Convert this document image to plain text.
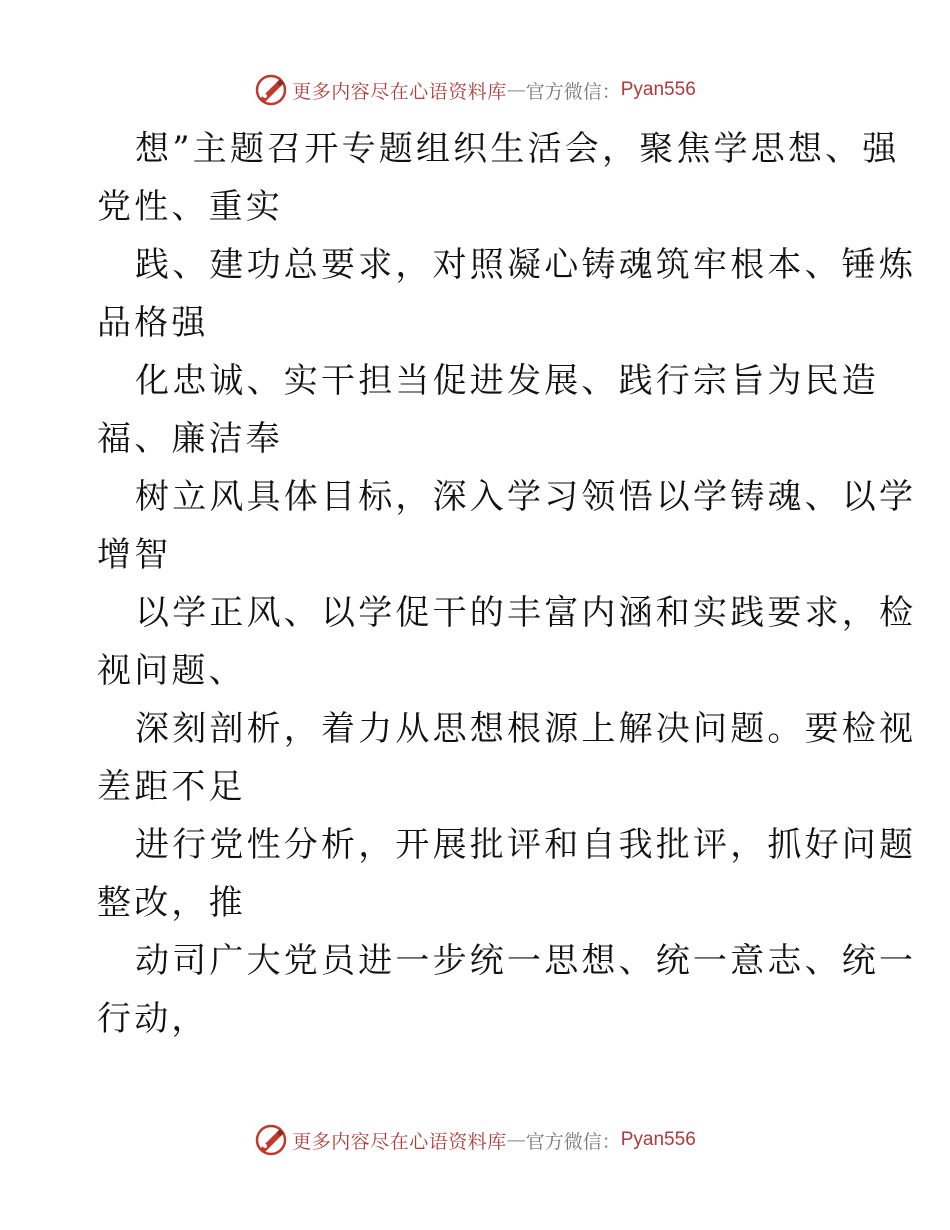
更多内容尽在心语资料库 — 官方微信： Pyan556
想”主题召开专题组织生活会，聚焦学思想、强
党性、重实
践、建功总要求，对照凝心铸魂筑牢根本、锤炼
品格强
化忠诚、实干担当促进发展、践行宗旨为民造
福、廉洁奉
树立风具体目标，深入学习领悟以学铸魂、以学
增智
以学正风、以学促干的丰富内涵和实践要求，检
视问题、
深刻剖析，着力从思想根源上解决问题。要检视
差距不足
进行党性分析，开展批评和自我批评，抓好问题
整改，推
动司广大党员进一步统一思想、统一意志、统一
行动，
更多内容尽在心语资料库 — 官方微信： Pyan556
